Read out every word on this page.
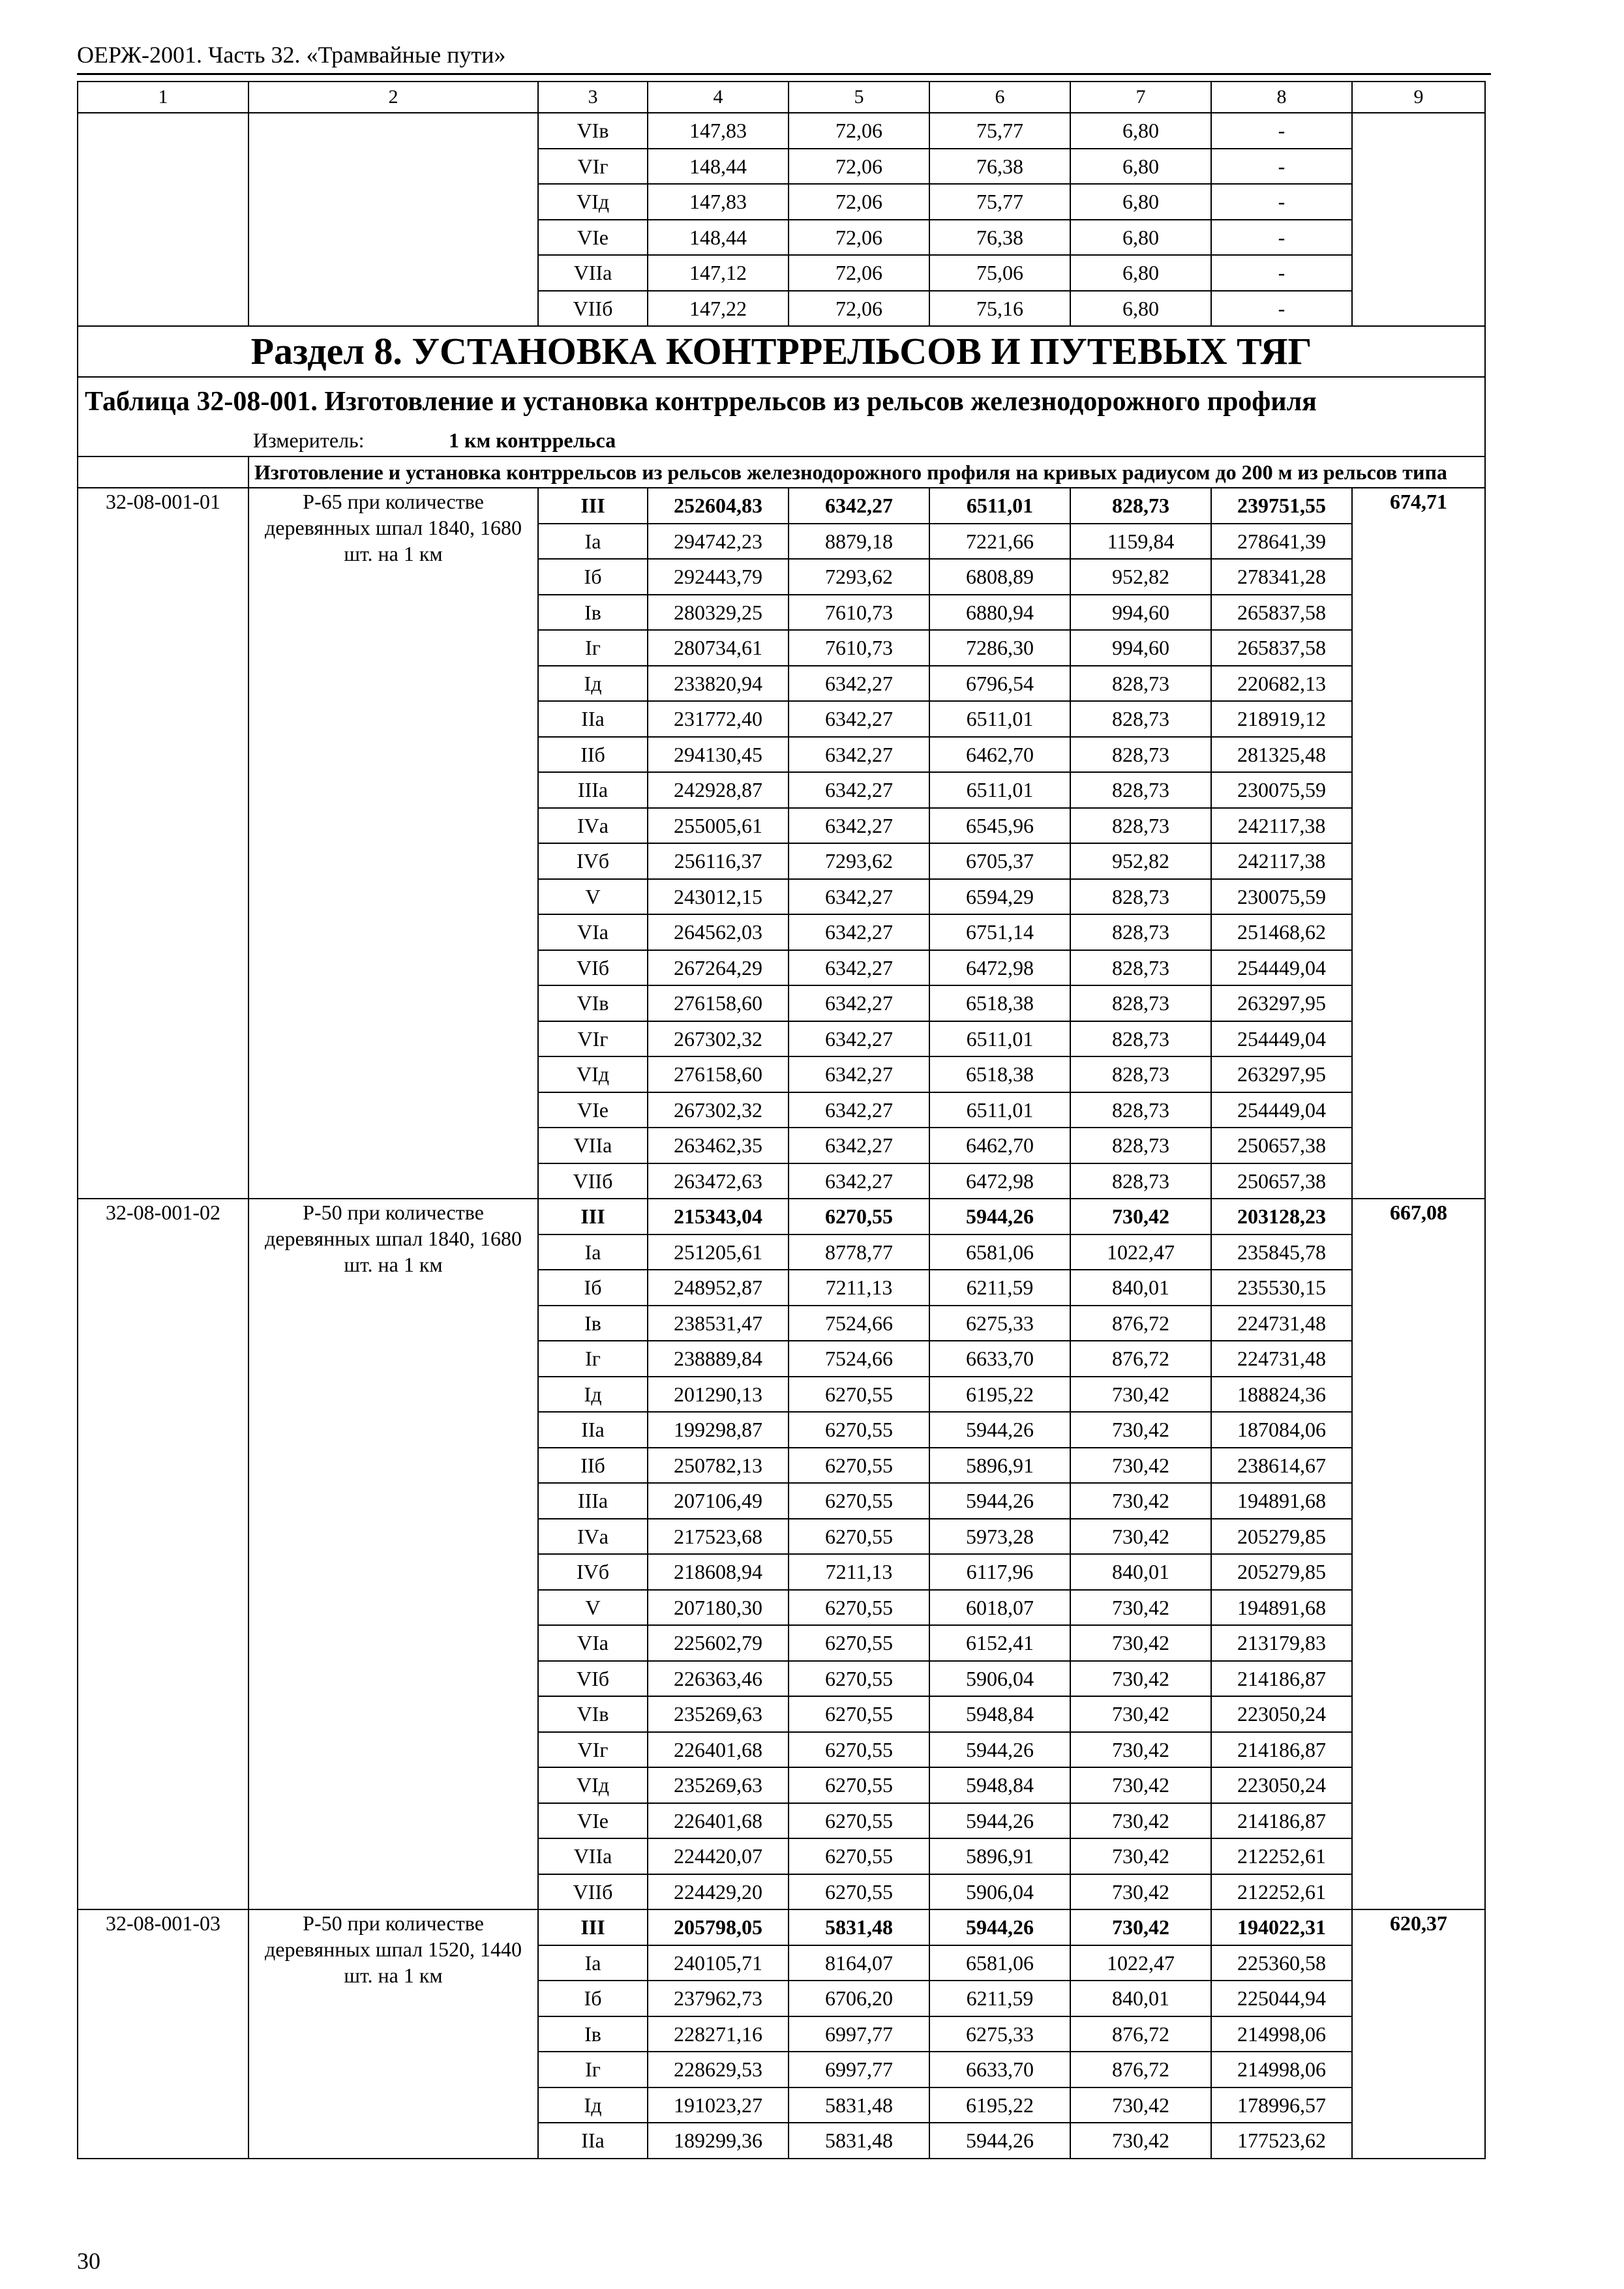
ОЕРЖ-2001. Часть 32. «Трамвайные пути»
1	2	3	4	5	6	7	8	9
		VIв	147,83	72,06	75,77	6,80	-	
		VIг	148,44	72,06	76,38	6,80	-	
		VIд	147,83	72,06	75,77	6,80	-	
		VIе	148,44	72,06	76,38	6,80	-	
		VIIа	147,12	72,06	75,06	6,80	-	
		VIIб	147,22	72,06	75,16	6,80	-	
Раздел 8. УСТАНОВКА КОНТРРЕЛЬСОВ И ПУТЕВЫХ ТЯГ								
Таблица 32-08-001. Изготовление и установка контррельсов из рельсов железнодорожного профиля								
Измеритель: 1 км контррельса								
	Изготовление и установка контррельсов из рельсов железнодорожного профиля на кривых радиусом до 200 м из рельсов типа							
32-08-001-01	Р-65 при количестве деревянных шпал 1840, 1680 шт. на 1 км	III	252604,83	6342,27	6511,01	828,73	239751,55	674,71
		Iа	294742,23	8879,18	7221,66	1159,84	278641,39	
		Iб	292443,79	7293,62	6808,89	952,82	278341,28	
		Iв	280329,25	7610,73	6880,94	994,60	265837,58	
		Iг	280734,61	7610,73	7286,30	994,60	265837,58	
		Iд	233820,94	6342,27	6796,54	828,73	220682,13	
		IIа	231772,40	6342,27	6511,01	828,73	218919,12	
		IIб	294130,45	6342,27	6462,70	828,73	281325,48	
		IIIа	242928,87	6342,27	6511,01	828,73	230075,59	
		IVа	255005,61	6342,27	6545,96	828,73	242117,38	
		IVб	256116,37	7293,62	6705,37	952,82	242117,38	
		V	243012,15	6342,27	6594,29	828,73	230075,59	
		VIа	264562,03	6342,27	6751,14	828,73	251468,62	
		VIб	267264,29	6342,27	6472,98	828,73	254449,04	
		VIв	276158,60	6342,27	6518,38	828,73	263297,95	
		VIг	267302,32	6342,27	6511,01	828,73	254449,04	
		VIд	276158,60	6342,27	6518,38	828,73	263297,95	
		VIе	267302,32	6342,27	6511,01	828,73	254449,04	
		VIIа	263462,35	6342,27	6462,70	828,73	250657,38	
		VIIб	263472,63	6342,27	6472,98	828,73	250657,38	
32-08-001-02	Р-50 при количестве деревянных шпал 1840, 1680 шт. на 1 км	III	215343,04	6270,55	5944,26	730,42	203128,23	667,08
		Iа	251205,61	8778,77	6581,06	1022,47	235845,78	
		Iб	248952,87	7211,13	6211,59	840,01	235530,15	
		Iв	238531,47	7524,66	6275,33	876,72	224731,48	
		Iг	238889,84	7524,66	6633,70	876,72	224731,48	
		Iд	201290,13	6270,55	6195,22	730,42	188824,36	
		IIа	199298,87	6270,55	5944,26	730,42	187084,06	
		IIб	250782,13	6270,55	5896,91	730,42	238614,67	
		IIIа	207106,49	6270,55	5944,26	730,42	194891,68	
		IVа	217523,68	6270,55	5973,28	730,42	205279,85	
		IVб	218608,94	7211,13	6117,96	840,01	205279,85	
		V	207180,30	6270,55	6018,07	730,42	194891,68	
		VIа	225602,79	6270,55	6152,41	730,42	213179,83	
		VIб	226363,46	6270,55	5906,04	730,42	214186,87	
		VIв	235269,63	6270,55	5948,84	730,42	223050,24	
		VIг	226401,68	6270,55	5944,26	730,42	214186,87	
		VIд	235269,63	6270,55	5948,84	730,42	223050,24	
		VIе	226401,68	6270,55	5944,26	730,42	214186,87	
		VIIа	224420,07	6270,55	5896,91	730,42	212252,61	
		VIIб	224429,20	6270,55	5906,04	730,42	212252,61	
32-08-001-03	Р-50 при количестве деревянных шпал 1520, 1440 шт. на 1 км	III	205798,05	5831,48	5944,26	730,42	194022,31	620,37
		Iа	240105,71	8164,07	6581,06	1022,47	225360,58	
		Iб	237962,73	6706,20	6211,59	840,01	225044,94	
		Iв	228271,16	6997,77	6275,33	876,72	214998,06	
		Iг	228629,53	6997,77	6633,70	876,72	214998,06	
		Iд	191023,27	5831,48	6195,22	730,42	178996,57	
		IIа	189299,36	5831,48	5944,26	730,42	177523,62	
30
